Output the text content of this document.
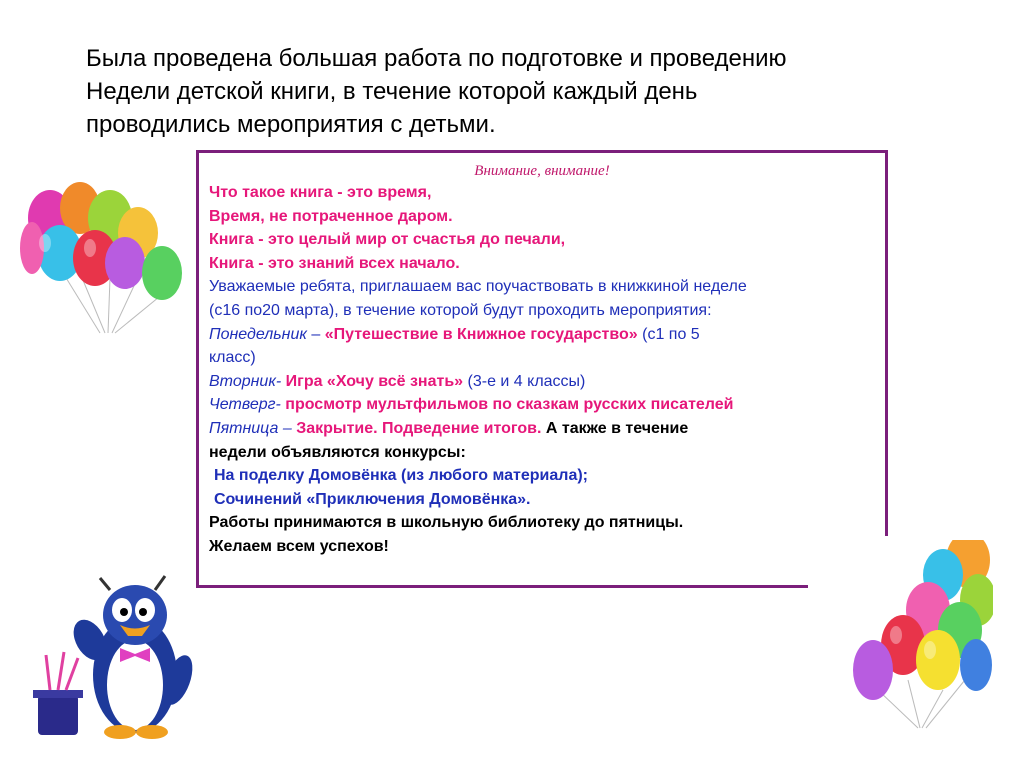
Была проведена большая работа по подготовке и проведению
Недели детской книги, в течение которой каждый день
проводились мероприятия с детьми.
Внимание, внимание!
Что такое книга - это время,
Время, не потраченное даром.
Книга - это целый мир от счастья до печали,
Книга - это знаний всех начало.
Уважаемые ребята, приглашаем вас поучаствовать в книжкиной неделе
(с16 по20 марта), в течение которой будут проходить мероприятия:
Понедельник – «Путешествие в Книжное государство» (с1 по 5
класс)
Вторник- Игра «Хочу всё знать» (3-е и 4 классы)
Четверг- просмотр мультфильмов по сказкам русских писателей
Пятница – Закрытие. Подведение итогов. А также в течение
недели объявляются конкурсы:
На поделку Домовёнка (из любого материала);
Сочинений «Приключения Домовёнка».
Работы принимаются в школьную библиотеку до пятницы.
Желаем всем успехов!
